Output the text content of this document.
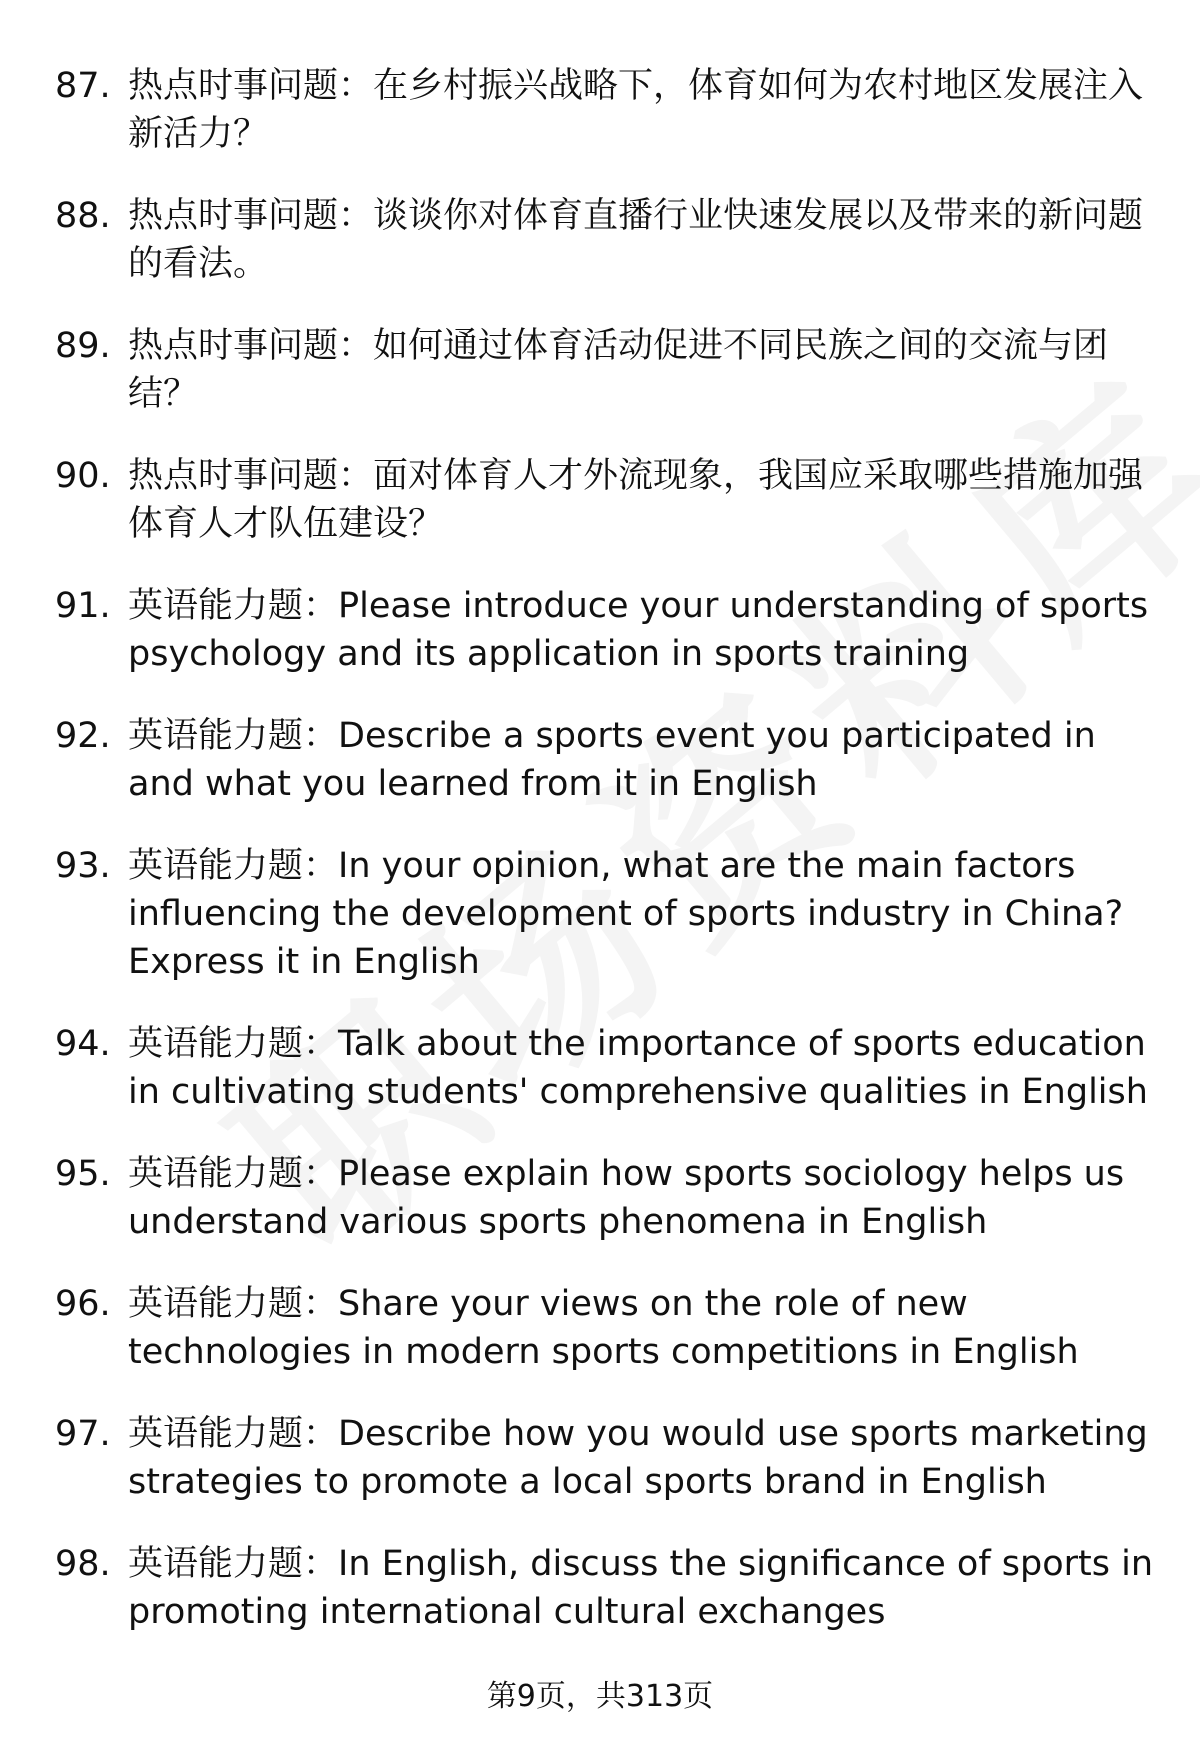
87. 热点时事问题：在乡村振兴战略下，体育如何为农村地区发展注入新活力？
88. 热点时事问题：谈谈你对体育直播行业快速发展以及带来的新问题的看法。
89. 热点时事问题：如何通过体育活动促进不同民族之间的交流与团结？
90. 热点时事问题：面对体育人才外流现象，我国应采取哪些措施加强体育人才队伍建设？
91. 英语能力题：Please introduce your understanding of sports psychology and its application in sports training
92. 英语能力题：Describe a sports event you participated in and what you learned from it in English
93. 英语能力题：In your opinion, what are the main factors influencing the development of sports industry in China? Express it in English
94. 英语能力题：Talk about the importance of sports education in cultivating students' comprehensive qualities in English
95. 英语能力题：Please explain how sports sociology helps us understand various sports phenomena in English
96. 英语能力题：Share your views on the role of new technologies in modern sports competitions in English
97. 英语能力题：Describe how you would use sports marketing strategies to promote a local sports brand in English
98. 英语能力题：In English, discuss the significance of sports in promoting international cultural exchanges
第9页，共313页
